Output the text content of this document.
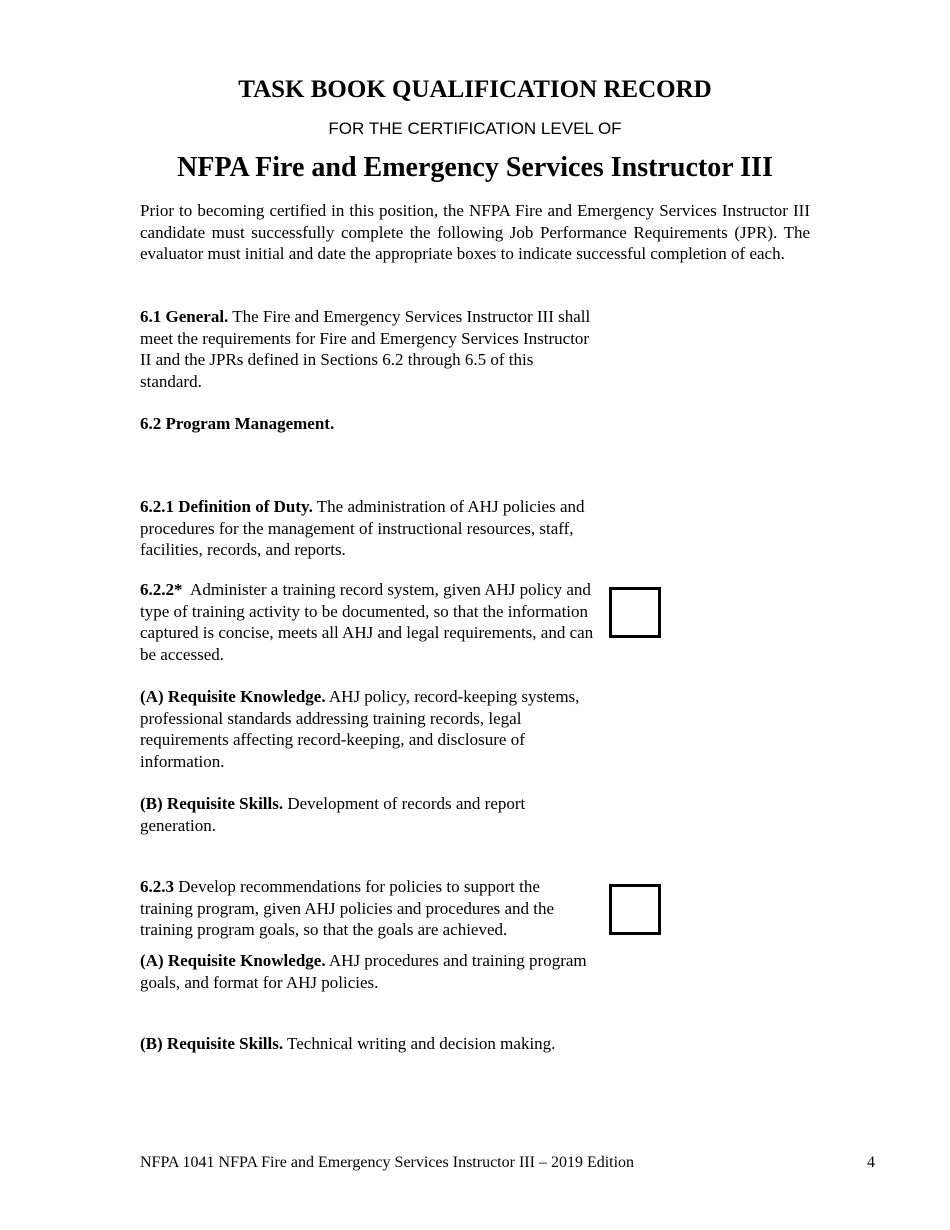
TASK BOOK QUALIFICATION RECORD
FOR THE CERTIFICATION LEVEL OF
NFPA Fire and Emergency Services Instructor III
Prior to becoming certified in this position, the NFPA Fire and Emergency Services Instructor III candidate must successfully complete the following Job Performance Requirements (JPR). The evaluator must initial and date the appropriate boxes to indicate successful completion of each.
6.1 General. The Fire and Emergency Services Instructor III shall meet the requirements for Fire and Emergency Services Instructor II and the JPRs defined in Sections 6.2 through 6.5 of this standard.
6.2 Program Management.
6.2.1 Definition of Duty. The administration of AHJ policies and procedures for the management of instructional resources, staff, facilities, records, and reports.
6.2.2*  Administer a training record system, given AHJ policy and type of training activity to be documented, so that the information captured is concise, meets all AHJ and legal requirements, and can be accessed.
(A) Requisite Knowledge. AHJ policy, record-keeping systems, professional standards addressing training records, legal requirements affecting record-keeping, and disclosure of information.
(B) Requisite Skills. Development of records and report generation.
6.2.3 Develop recommendations for policies to support the training program, given AHJ policies and procedures and the training program goals, so that the goals are achieved.
(A) Requisite Knowledge. AHJ procedures and training program goals, and format for AHJ policies.
(B) Requisite Skills. Technical writing and decision making.
NFPA 1041 NFPA Fire and Emergency Services Instructor III – 2019 Edition	4
